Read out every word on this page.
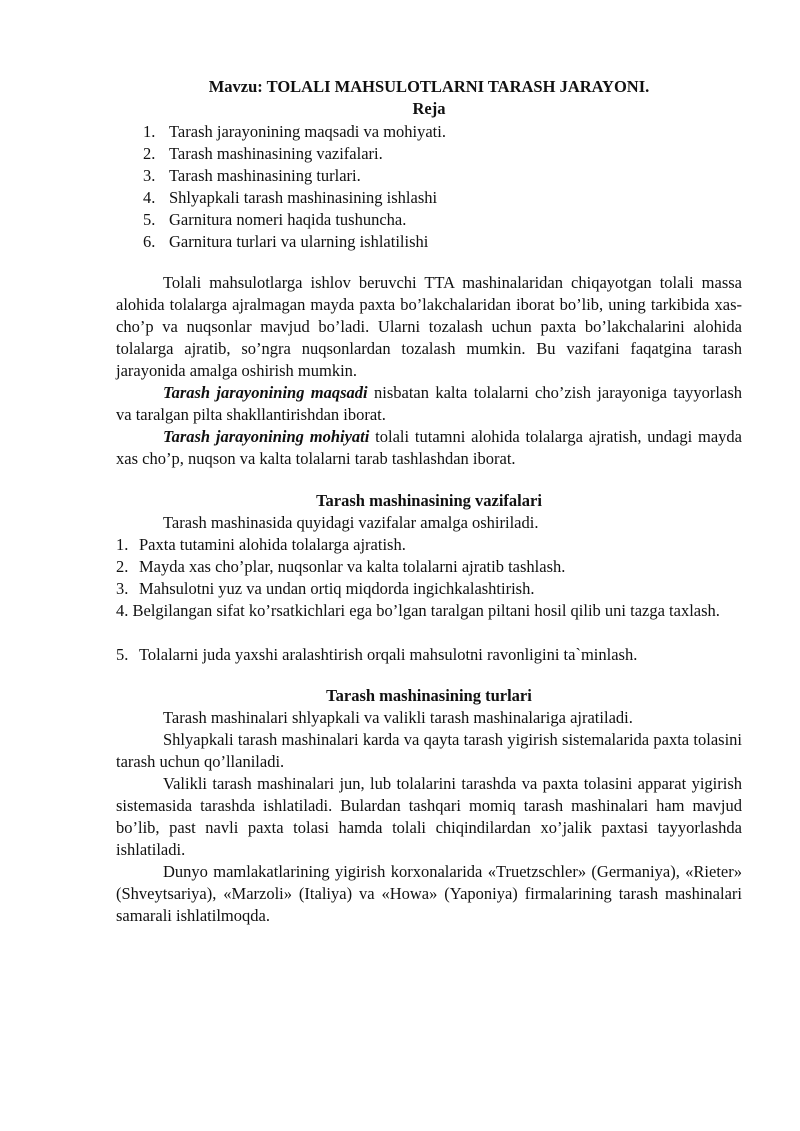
Mavzu: TOLALI MAHSULOTLARNI TARASH JARAYONI.
Reja
1. Tarash jarayonining maqsadi va mohiyati.
2. Tarash mashinasining vazifalari.
3. Tarash mashinasining turlari.
4. Shlyapkali tarash mashinasining ishlashi
5. Garnitura nomeri haqida tushuncha.
6. Garnitura turlari va ularning ishlatilishi

Tolali mahsulotlarga ishlov beruvchi TTA mashinalaridan chiqayotgan tolali massa alohida tolalarga ajralmagan mayda paxta bo’lakchalaridan iborat bo’lib, uning tarkibida xas-cho’p va nuqsonlar mavjud bo’ladi. Ularni tozalash uchun paxta bo’lakchalarini alohida tolalarga ajratib, so’ngra nuqsonlardan tozalash mumkin. Bu vazifani faqatgina tarash jarayonida amalga oshirish mumkin.

Tarash jarayonining maqsadi nisbatan kalta tolalarni cho’zish jarayoniga tayyorlash va taralgan pilta shakllantirishdan iborat.

Tarash jarayonining mohiyati tolali tutamni alohida tolalarga ajratish, undagi mayda xas cho’p, nuqson va kalta tolalarni tarab tashlashdan iborat.

Tarash mashinasining vazifalari
Tarash mashinasida quyidagi vazifalar amalga oshiriladi.
1. Paxta tutamini alohida tolalarga ajratish.
2. Mayda xas cho’plar, nuqsonlar va kalta tolalarni ajratib tashlash.
3. Mahsulotni yuz va undan ortiq miqdorda ingichkalashtirish.

4. Belgilangan sifat ko’rsatkichlari ega bo’lgan taralgan piltani hosil qilib uni tazga taxlash.

5. Tolalarni juda yaxshi aralashtirish orqali mahsulotni ravonligini ta`minlash.
Tarash mashinasining turlari

Tarash mashinalari shlyapkali va valikli tarash mashinalariga ajratiladi.

Shlyapkali tarash mashinalari karda va qayta tarash yigirish sistemalarida paxta tolasini tarash uchun qo’llaniladi.

Valikli tarash mashinalari jun, lub tolalarini tarashda va paxta tolasini apparat yigirish sistemasida tarashda ishlatiladi. Bulardan tashqari momiq tarash mashinalari ham mavjud bo’lib, past navli paxta tolasi hamda tolali chiqindilardan xo’jalik paxtasi tayyorlashda ishlatiladi.

Dunyo mamlakatlarining yigirish korxonalarida «Truetzschler» (Germaniya), «Rieter» (Shveytsariya), «Marzoli» (Italiya) va «Howa» (Yaponiya) firmalarining tarash mashinalari samarali ishlatilmoqda.
